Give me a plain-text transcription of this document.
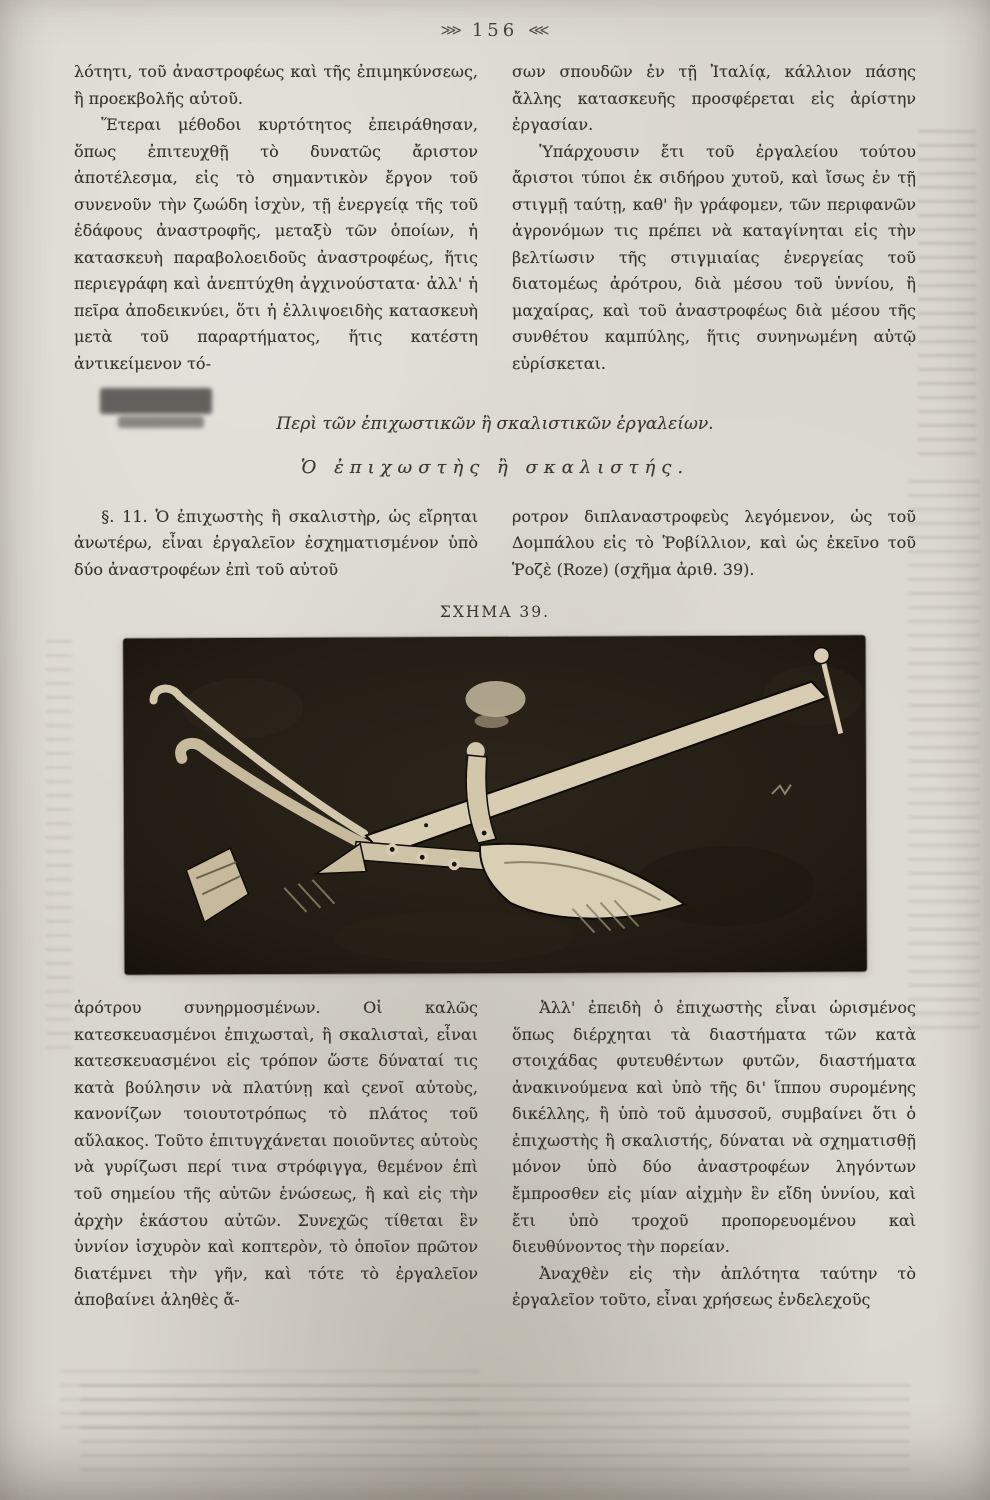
⋙ 156 ⋘

λότητι, τοῦ ἀναστροφέως καὶ τῆς ἐπιμηκύνσεως, ἢ προεκβολῆς αὐτοῦ.

Ἕτεραι μέθοδοι κυρτότητος ἐπειράθησαν, ὅπως ἐπιτευχθῇ τὸ δυνατῶς ἄριστον ἀποτέλεσμα, εἰς τὸ σημαντικὸν ἔργον τοῦ συνενοῦν τὴν ζωώδη ἰσχὺν, τῇ ἐνεργείᾳ τῆς τοῦ ἐδάφους ἀναστροφῆς, μεταξὺ τῶν ὁποίων, ἡ κατασκευὴ παραβολοειδοῦς ἀναστροφέως, ἥτις περιεγράφη καὶ ἀνεπτύχθη ἀγχινούστατα· ἀλλ' ἡ πεῖρα ἀποδεικνύει, ὅτι ἡ ἐλλιψοειδὴς κατασκευὴ μετὰ τοῦ παραρτήματος, ἥτις κατέστη ἀντικείμενον τό-

σων σπουδῶν ἐν τῇ Ἰταλίᾳ, κάλλιον πάσης ἄλλης κατασκευῆς προσφέρεται εἰς ἀρίστην ἐργασίαν.

Ὑπάρχουσιν ἔτι τοῦ ἐργαλείου τούτου ἄριστοι τύποι ἐκ σιδήρου χυτοῦ, καὶ ἴσως ἐν τῇ στιγμῇ ταύτῃ, καθ' ἣν γράφομεν, τῶν περιφανῶν ἀγρονόμων τις πρέπει νὰ καταγίνηται εἰς τὴν βελτίωσιν τῆς στιγμιαίας ἐνεργείας τοῦ διατομέως ἀρότρου, διὰ μέσου τοῦ ὑννίου, ἢ μαχαίρας, καὶ τοῦ ἀναστροφέως διὰ μέσου τῆς συνθέτου καμπύλης, ἥτις συνηνωμένη αὐτῷ εὑρίσκεται.

Περὶ τῶν ἐπιχωστικῶν ἢ σκαλιστικῶν ἐργαλείων.
Ὁ ἐπιχωστὴς ἢ σκαλιστής.

§. 11. Ὁ ἐπιχωστὴς ἢ σκαλιστὴρ, ὡς εἴρηται ἀνωτέρω, εἶναι ἐργαλεῖον ἐσχηματισμένον ὑπὸ δύο ἀναστροφέων ἐπὶ τοῦ αὐτοῦ

ροτρον διπλαναστροφεὺς λεγόμενον, ὡς τοῦ Δομπάλου εἰς τὸ Ῥοβίλλιον, καὶ ὡς ἐκεῖνο τοῦ Ῥοζὲ (Roze) (σχῆμα ἀριθ. 39).

ΣΧΗΜΑ 39.

ἀρότρου συνηρμοσμένων. Οἱ καλῶς κατεσκευασμένοι ἐπιχωσταὶ, ἢ σκαλισταὶ, εἶναι κατεσκευασμένοι εἰς τρόπον ὥστε δύναταί τις κατὰ βούλησιν νὰ πλατύνῃ καὶ ςενοῖ αὐτοὺς, κανονίζων τοιουτοτρόπως τὸ πλάτος τοῦ αὔλακος. Τοῦτο ἐπιτυγχάνεται ποιοῦντες αὐτοὺς νὰ γυρίζωσι περί τινα στρόφιγγα, θεμένον ἐπὶ τοῦ σημείου τῆς αὑτῶν ἑνώσεως, ἢ καὶ εἰς τὴν ἀρχὴν ἑκάστου αὐτῶν. Συνεχῶς τίθεται ἓν ὑννίον ἰσχυρὸν καὶ κοπτερὸν, τὸ ὁποῖον πρῶτον διατέμνει τὴν γῆν, καὶ τότε τὸ ἐργαλεῖον ἀποβαίνει ἀληθὲς ἄ-

Ἀλλ' ἐπειδὴ ὁ ἐπιχωστὴς εἶναι ὡρισμένος ὅπως διέρχηται τὰ διαστήματα τῶν κατὰ στοιχάδας φυτευθέντων φυτῶν, διαστήματα ἀνακινούμενα καὶ ὑπὸ τῆς δι' ἵππου συρομένης δικέλλης, ἢ ὑπὸ τοῦ ἀμυσσοῦ, συμβαίνει ὅτι ὁ ἐπιχωστὴς ἢ σκαλιστής, δύναται νὰ σχηματισθῇ μόνον ὑπὸ δύο ἀναστροφέων ληγόντων ἔμπροσθεν εἰς μίαν αἰχμὴν ἓν εἴδη ὑννίου, καὶ ἔτι ὑπὸ τροχοῦ προπορευομένου καὶ διευθύνοντος τὴν πορείαν.

Ἀναχθὲν εἰς τὴν ἁπλότητα ταύτην τὸ ἐργαλεῖον τοῦτο, εἶναι χρήσεως ἐνδελεχοῦς
